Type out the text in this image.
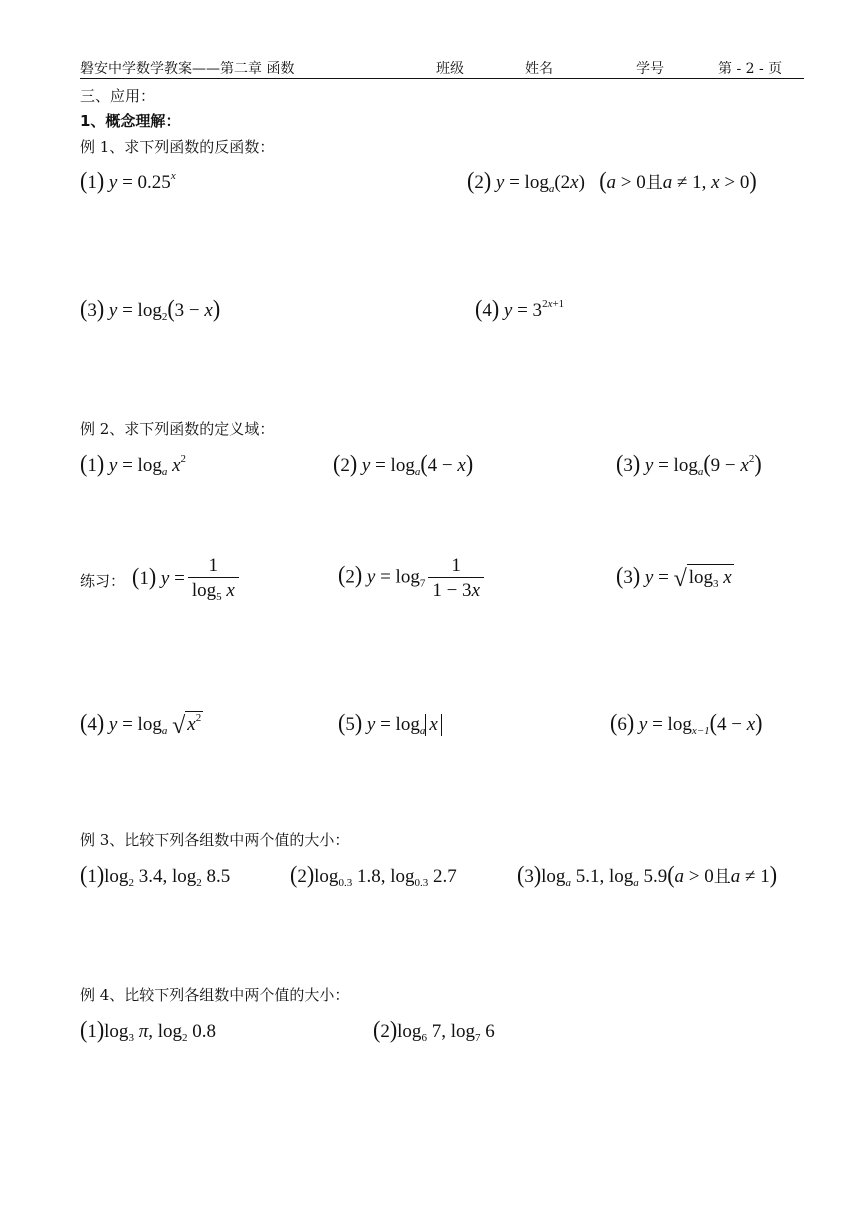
磐安中学数学教案——第二章 函数	班级	姓名	学号	第 - 2 - 页
三、应用：
1、概念理解：
例 1、求下列函数的反函数：
(1) $y = 0.25^x$	(2) $y = \log_a(2x) (a > 0$且a ≠ 1, x > 0)
(3) $y = \log_2(3 - x)$	(4) $y = 3^{2x+1}$
例 2、求下列函数的定义域：
(1) $y = \log_a x^2$	(2) $y = \log_a(4 - x)$	(3) $y = \log_a(9 - x^2)$
练习： (1) $y = \frac{1}{\log_5 x}$	(2) $y = \log_7 \frac{1}{1 - 3x}$	(3) y = √ $\log_3 x$
(4) $y = \log_a$ √ $x^2$	(5) $y = \log_a x$	(6) $y = \log_{x-1}(4 - x)$
例 3、比较下列各组数中两个值的大小：
$(1)\log_2$ 3.4, $\log_2 8.5$	$(2)\log_{0.3}$ 1.8, $\log_{0.3} 2.7$	$(3)\log_a$ 5.1, $\log_a 5.9(a > 0$且a ≠ 1)
例 4、比较下列各组数中两个值的大小：
$(1)\log_3$ π, $\log_2 0.8$	$(2)\log_6$ 7, $\log_7 6$
